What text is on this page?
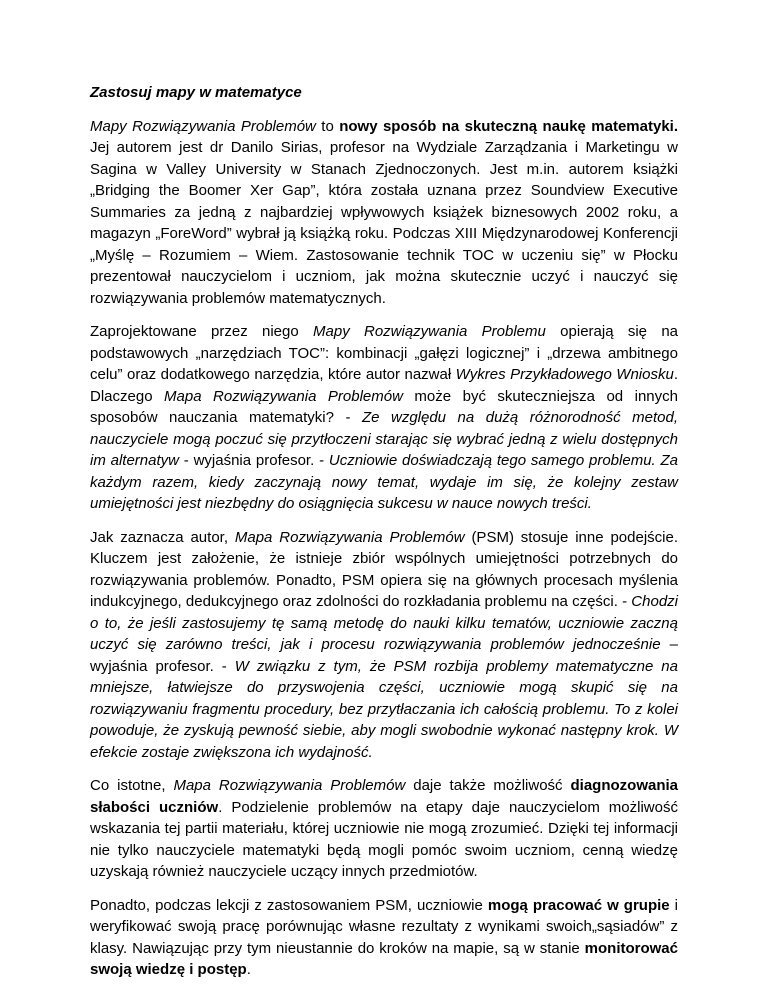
Zastosuj mapy w matematyce

Mapy Rozwiązywania Problemów to nowy sposób na skuteczną naukę matematyki. Jej autorem jest dr Danilo Sirias, profesor na Wydziale Zarządzania i Marketingu w Sagina w Valley University w Stanach Zjednoczonych. Jest m.in. autorem książki „Bridging the Boomer Xer Gap”, która została uznana przez Soundview Executive Summaries za jedną z najbardziej wpływowych książek biznesowych 2002 roku, a magazyn „ForeWord” wybrał ją książką roku. Podczas XIII Międzynarodowej Konferencji „Myślę – Rozumiem – Wiem. Zastosowanie technik TOC w uczeniu się” w Płocku prezentował nauczycielom i uczniom, jak można skutecznie uczyć i nauczyć się rozwiązywania problemów matematycznych.

Zaprojektowane przez niego Mapy Rozwiązywania Problemu opierają się na podstawowych „narzędziach TOC”: kombinacji „gałęzi logicznej” i „drzewa ambitnego celu” oraz dodatkowego narzędzia, które autor nazwał Wykres Przykładowego Wniosku. Dlaczego Mapa Rozwiązywania Problemów może być skuteczniejsza od innych sposobów nauczania matematyki? - Ze względu na dużą różnorodność metod, nauczyciele mogą poczuć się przytłoczeni starając się wybrać jedną z wielu dostępnych im alternatyw - wyjaśnia profesor. - Uczniowie doświadczają tego samego problemu. Za każdym razem, kiedy zaczynają nowy temat, wydaje im się, że kolejny zestaw umiejętności jest niezbędny do osiągnięcia sukcesu w nauce nowych treści.

Jak zaznacza autor, Mapa Rozwiązywania Problemów (PSM) stosuje inne podejście. Kluczem jest założenie, że istnieje zbiór wspólnych umiejętności potrzebnych do rozwiązywania problemów. Ponadto, PSM opiera się na głównych procesach myślenia indukcyjnego, dedukcyjnego oraz zdolności do rozkładania problemu na części. - Chodzi o to, że jeśli zastosujemy tę samą metodę do nauki kilku tematów, uczniowie zaczną uczyć się zarówno treści, jak i procesu rozwiązywania problemów jednocześnie – wyjaśnia profesor. - W związku z tym, że PSM rozbija problemy matematyczne na mniejsze, łatwiejsze do przyswojenia części, uczniowie mogą skupić się na rozwiązywaniu fragmentu procedury, bez przytłaczania ich całością problemu. To z kolei powoduje, że zyskują pewność siebie, aby mogli swobodnie wykonać następny krok. W efekcie zostaje zwiększona ich wydajność.

Co istotne, Mapa Rozwiązywania Problemów daje także możliwość diagnozowania słabości uczniów. Podzielenie problemów na etapy daje nauczycielom możliwość wskazania tej partii materiału, której uczniowie nie mogą zrozumieć. Dzięki tej informacji nie tylko nauczyciele matematyki będą mogli pomóc swoim uczniom, cenną wiedzę uzyskają również nauczyciele uczący innych przedmiotów.

Ponadto, podczas lekcji z zastosowaniem PSM, uczniowie mogą pracować w grupie i weryfikować swoją pracę porównując własne rezultaty z wynikami swoich„sąsiadów” z klasy. Nawiązując przy tym nieustannie do kroków na mapie, są w stanie monitorować swoją wiedzę i postęp.
